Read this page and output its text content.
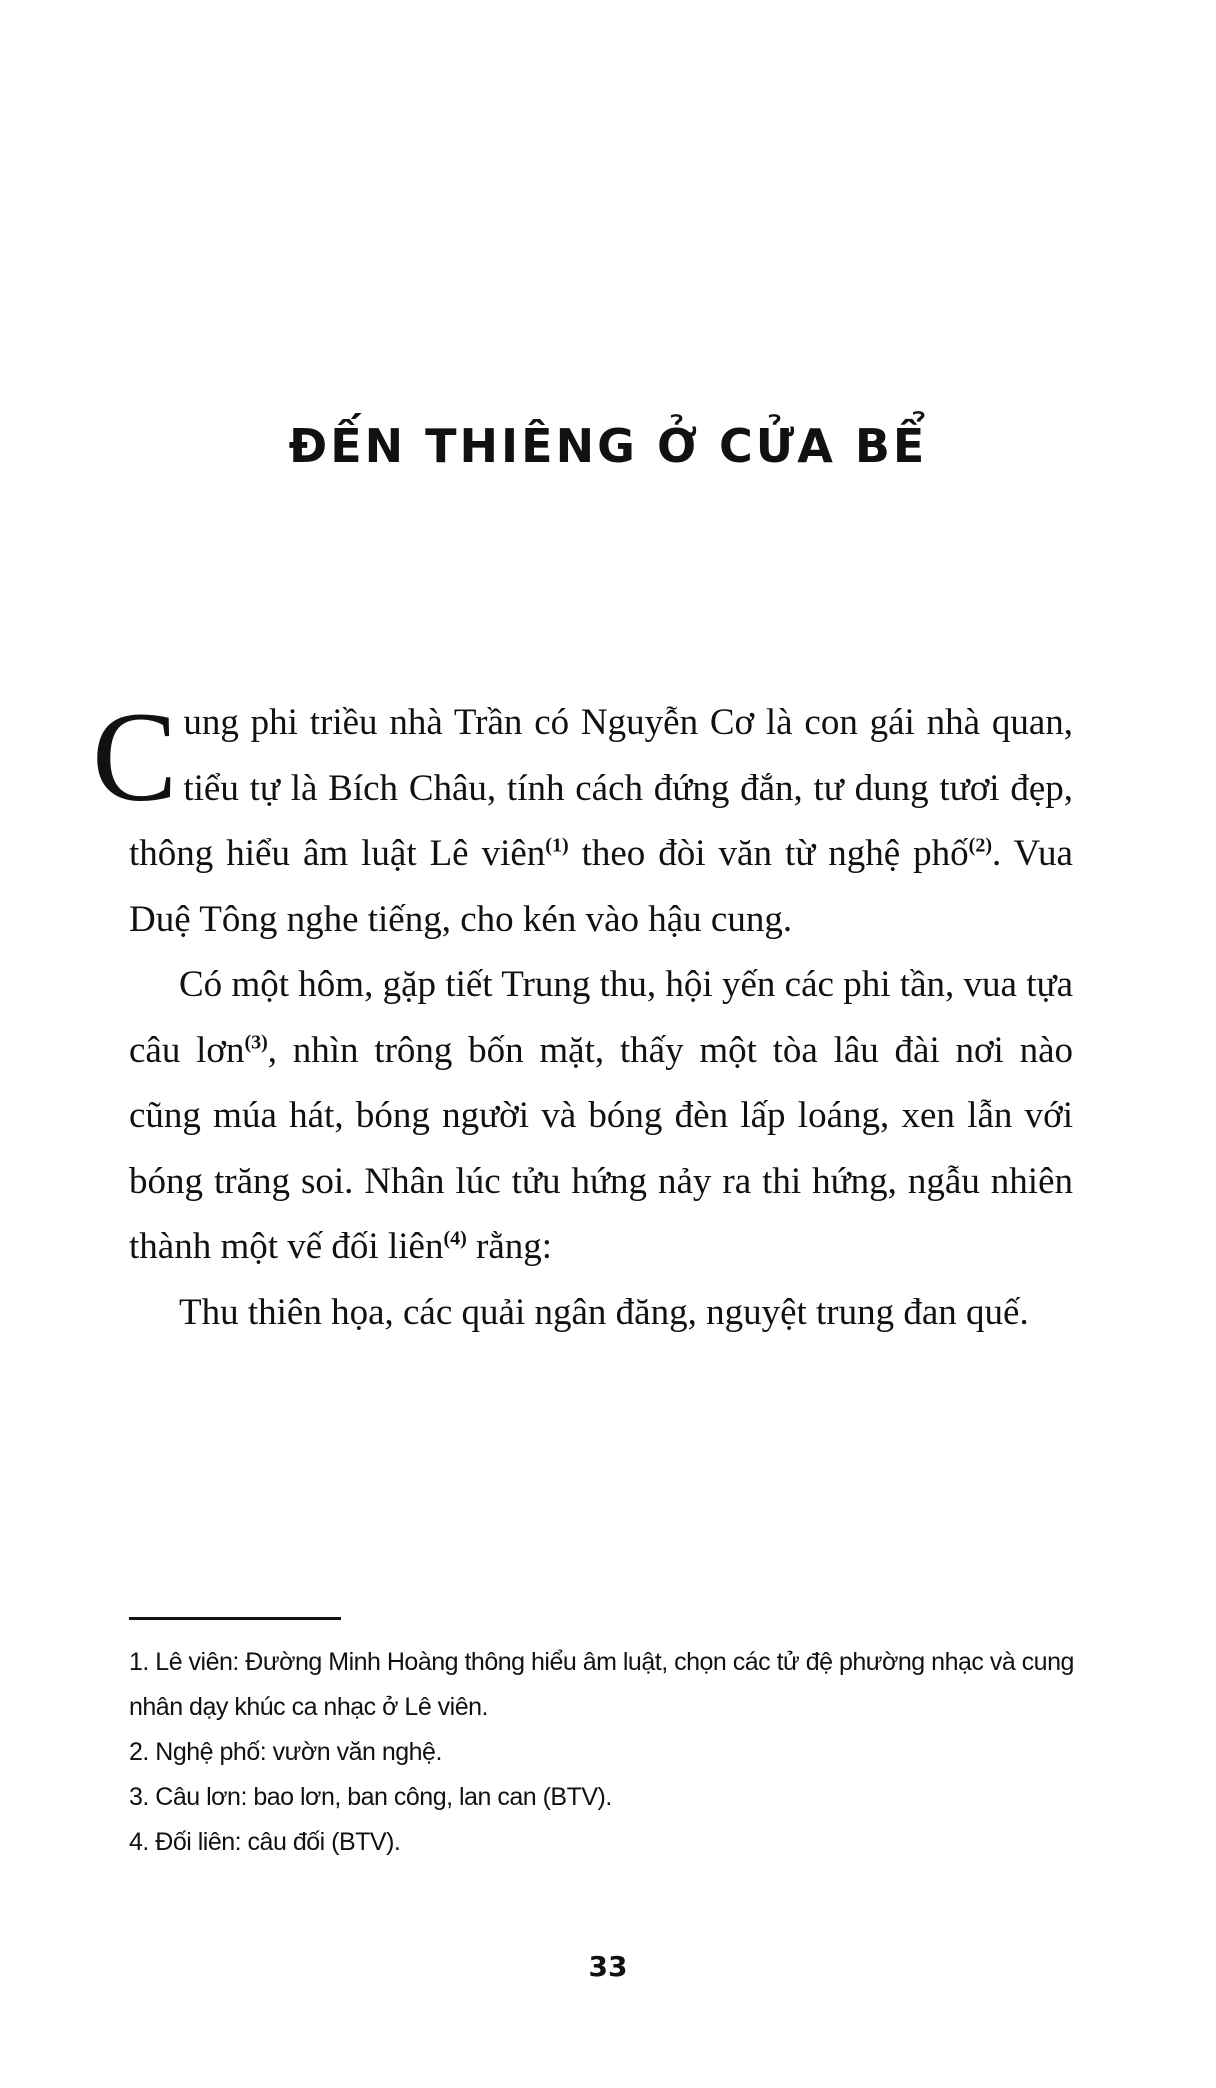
ĐẾN THIÊNG Ở CỬA BỂ

Cung phi triều nhà Trần có Nguyễn Cơ là con gái nhà quan, tiểu tự là Bích Châu, tính cách đứng đắn, tư dung tươi đẹp, thông hiểu âm luật Lê viên$^{(1)}$ theo đòi văn từ nghệ phố$^{(2)}$. Vua Duệ Tông nghe tiếng, cho kén vào hậu cung.

Có một hôm, gặp tiết Trung thu, hội yến các phi tần, vua tựa câu lơn$^{(3)}$, nhìn trông bốn mặt, thấy một tòa lâu đài nơi nào cũng múa hát, bóng người và bóng đèn lấp loáng, xen lẫn với bóng trăng soi. Nhân lúc tửu hứng nảy ra thi hứng, ngẫu nhiên thành một vế đối liên$^{(4)}$ rằng:

Thu thiên họa, các quải ngân đăng, nguyệt trung đan quế.

1. Lê viên: Đường Minh Hoàng thông hiểu âm luật, chọn các tử đệ phường nhạc và cung nhân dạy khúc ca nhạc ở Lê viên.
2. Nghệ phố: vườn văn nghệ.
3. Câu lơn: bao lơn, ban công, lan can (BTV).
4. Đối liên: câu đối (BTV).
33
